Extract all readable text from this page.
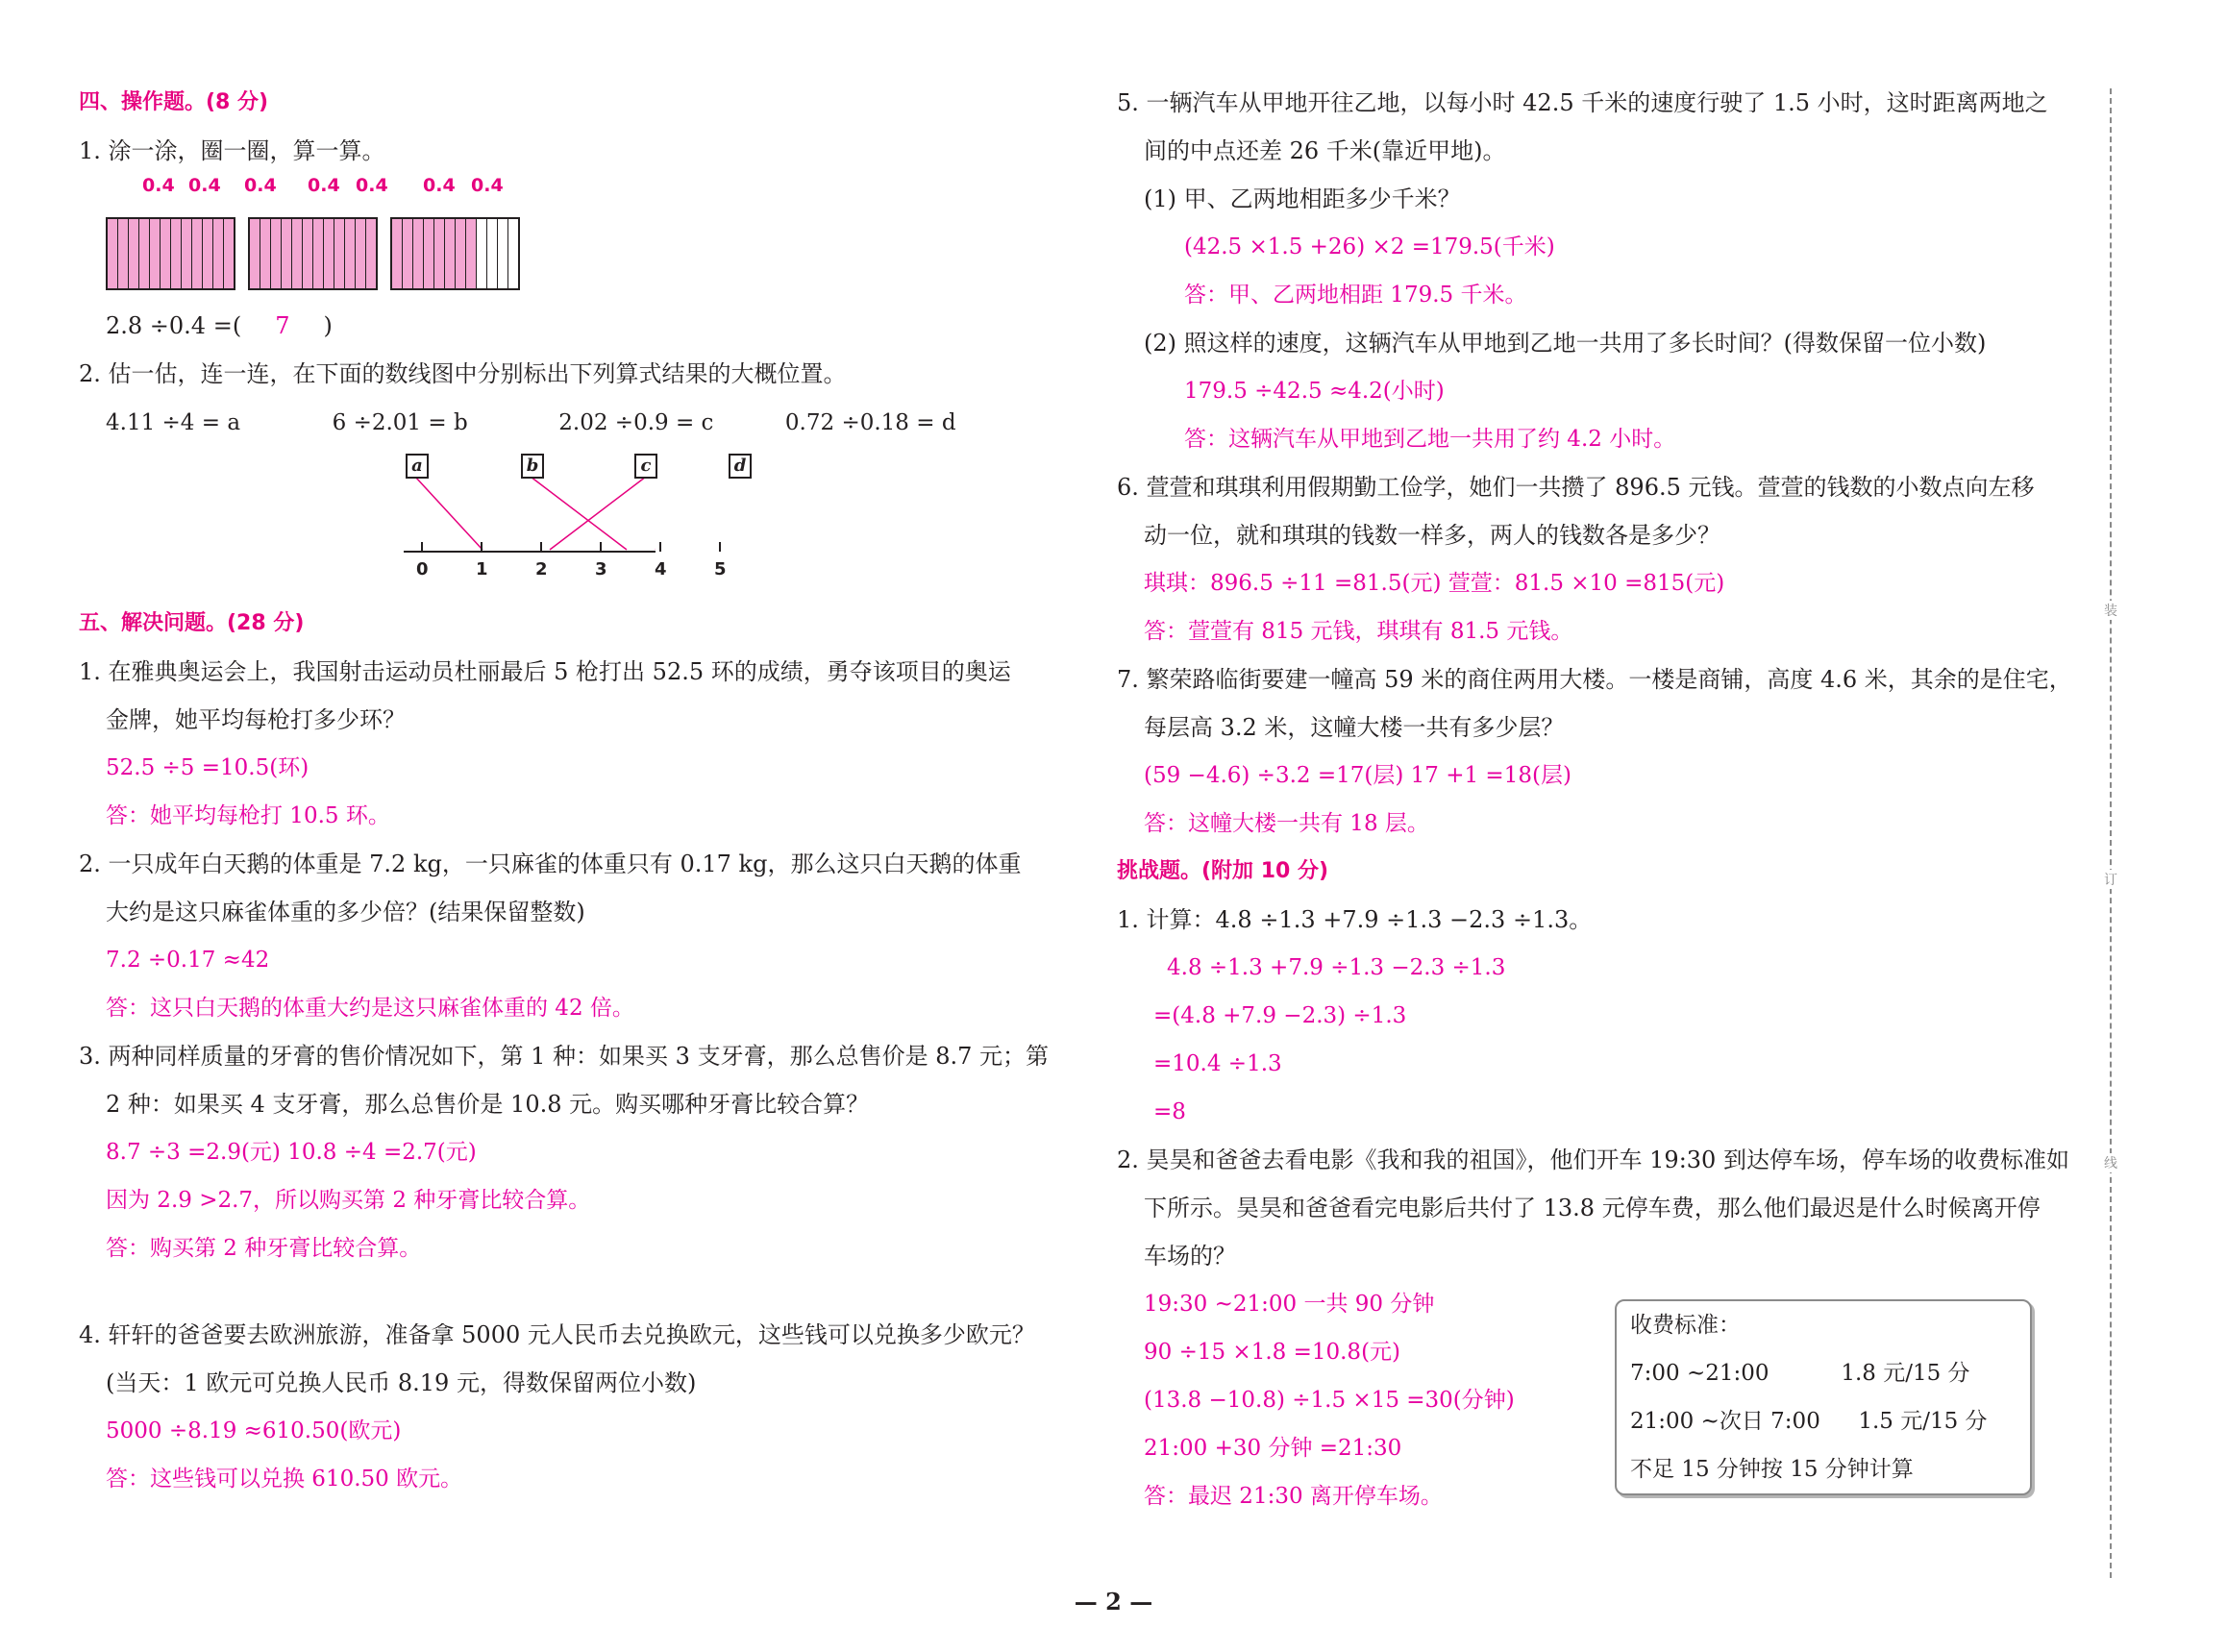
四、操作题。(8 分)
1. 涂一涂，圈一圈，算一算。
0.4 0.4 0.4 0.4 0.4 0.4 0.4
2.8 ÷0.4 =( 7 )
2. 估一估，连一连，在下面的数线图中分别标出下列算式结果的大概位置。
4.11 ÷4 = a	6 ÷2.01 = b	2.02 ÷0.9 = c	0.72 ÷0.18 = d
a	b	c	d
0	1	2	3	4	5
五、解决问题。(28 分)
1. 在雅典奥运会上，我国射击运动员杜丽最后 5 枪打出 52.5 环的成绩，勇夺该项目的奥运
金牌，她平均每枪打多少环？
52.5 ÷5 =10.5(环)
答：她平均每枪打 10.5 环。
2. 一只成年白天鹅的体重是 7.2 kg，一只麻雀的体重只有 0.17 kg，那么这只白天鹅的体重
大约是这只麻雀体重的多少倍？(结果保留整数)
7.2 ÷0.17 ≈42
答：这只白天鹅的体重大约是这只麻雀体重的 42 倍。
3. 两种同样质量的牙膏的售价情况如下，第 1 种：如果买 3 支牙膏，那么总售价是 8.7 元；第
2 种：如果买 4 支牙膏，那么总售价是 10.8 元。购买哪种牙膏比较合算？
8.7 ÷3 =2.9(元) 10.8 ÷4 =2.7(元)
因为 2.9 >2.7，所以购买第 2 种牙膏比较合算。
答：购买第 2 种牙膏比较合算。
4. 轩轩的爸爸要去欧洲旅游，准备拿 5000 元人民币去兑换欧元，这些钱可以兑换多少欧元？
(当天：1 欧元可兑换人民币 8.19 元，得数保留两位小数)
5000 ÷8.19 ≈610.50(欧元)
答：这些钱可以兑换 610.50 欧元。
5. 一辆汽车从甲地开往乙地，以每小时 42.5 千米的速度行驶了 1.5 小时，这时距离两地之
间的中点还差 26 千米(靠近甲地)。
(1) 甲、乙两地相距多少千米？
(42.5 ×1.5 +26) ×2 =179.5(千米)
答：甲、乙两地相距 179.5 千米。
(2) 照这样的速度，这辆汽车从甲地到乙地一共用了多长时间？(得数保留一位小数)
179.5 ÷42.5 ≈4.2(小时)
答：这辆汽车从甲地到乙地一共用了约 4.2 小时。
6. 萱萱和琪琪利用假期勤工俭学，她们一共攒了 896.5 元钱。萱萱的钱数的小数点向左移
动一位，就和琪琪的钱数一样多，两人的钱数各是多少？
琪琪：896.5 ÷11 =81.5(元) 萱萱：81.5 ×10 =815(元)
答：萱萱有 815 元钱，琪琪有 81.5 元钱。
7. 繁荣路临街要建一幢高 59 米的商住两用大楼。一楼是商铺，高度 4.6 米，其余的是住宅，
每层高 3.2 米，这幢大楼一共有多少层？
(59 −4.6) ÷3.2 =17(层) 17 +1 =18(层)
答：这幢大楼一共有 18 层。
挑战题。(附加 10 分)
1. 计算：4.8 ÷1.3 +7.9 ÷1.3 −2.3 ÷1.3。
4.8 ÷1.3 +7.9 ÷1.3 −2.3 ÷1.3
=(4.8 +7.9 −2.3) ÷1.3
=10.4 ÷1.3
=8
2. 昊昊和爸爸去看电影《我和我的祖国》，他们开车 19:30 到达停车场，停车场的收费标准如
下所示。昊昊和爸爸看完电影后共付了 13.8 元停车费，那么他们最迟是什么时候离开停
车场的？
19:30 ~21:00 一共 90 分钟
90 ÷15 ×1.8 =10.8(元)
(13.8 −10.8) ÷1.5 ×15 =30(分钟)
21:00 +30 分钟 =21:30
答：最迟 21:30 离开停车场。
收费标准：
7:00 ~21:00	1.8 元/15 分
21:00 ~次日 7:00 1.5 元/15 分
不足 15 分钟按 15 分钟计算
装
订
线
— 2 —
